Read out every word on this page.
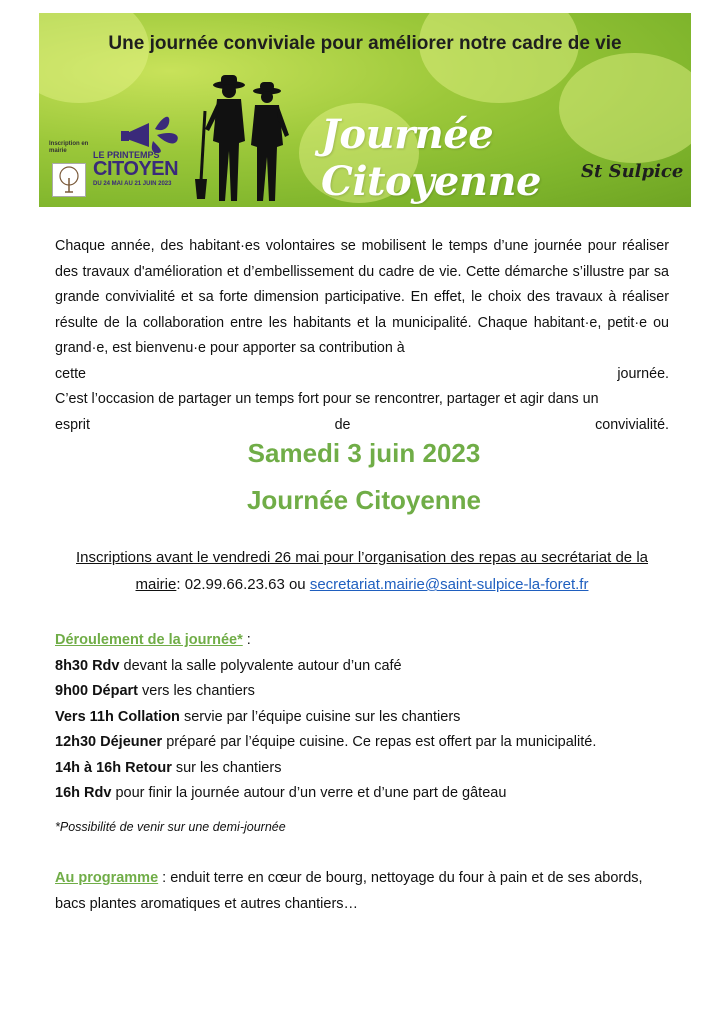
Une journée conviviale pour améliorer notre cadre de vie
Inscription en mairie	LE PRINTEMPS
CITOYEN
DU 24 MAI AU 21 JUIN 2023
Journée Citoyenne	St Sulpice

Chaque année, des habitant·es volontaires se mobilisent le temps d’une journée pour réaliser des travaux d'amélioration et d’embellissement du cadre de vie. Cette démarche s’illustre par sa grande convivialité et sa forte dimension participative. En effet, le choix des travaux à réaliser résulte de la collaboration entre les habitants et la municipalité. Chaque habitant·e, petit·e ou grand·e, est bienvenu·e pour apporter sa contribution à

cette	journée.

C’est l’occasion de partager un temps fort pour se rencontrer, partager et agir dans un

esprit	de	convivialité.
Samedi 3 juin 2023
Journée Citoyenne
Inscriptions avant le vendredi 26 mai pour l’organisation des repas au secrétariat de la mairie: 02.99.66.23.63 ou secretariat.mairie@saint-sulpice-la-foret.fr
Déroulement de la journée* :
8h30 Rdv devant la salle polyvalente autour d’un café
9h00 Départ vers les chantiers
Vers 11h Collation servie par l’équipe cuisine sur les chantiers
12h30 Déjeuner préparé par l’équipe cuisine. Ce repas est offert par la municipalité.
14h à 16h Retour sur les chantiers
16h Rdv pour finir la journée autour d’un verre et d’une part de gâteau
*Possibilité de venir sur une demi-journée
Au programme : enduit terre en cœur de bourg, nettoyage du four à pain et de ses abords, bacs plantes aromatiques et autres chantiers…
